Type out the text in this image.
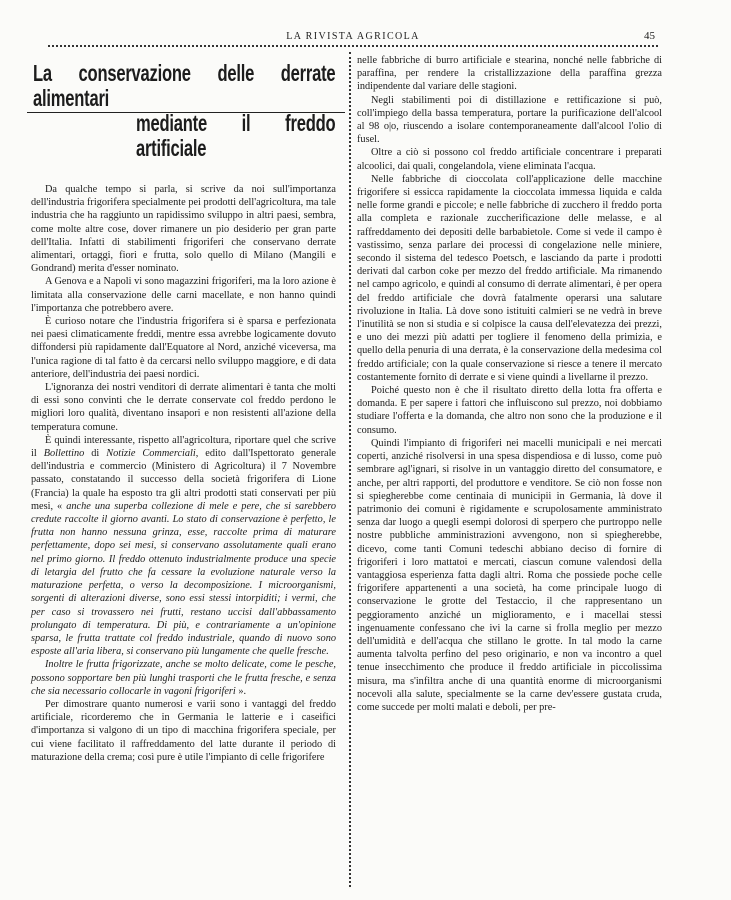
LA RIVISTA AGRICOLA	45
La conservazione delle derrate alimentari
mediante il freddo artificiale

Da qualche tempo si parla, si scrive da noi sull'importanza dell'industria frigorifera specialmente pei prodotti dell'agricoltura, ma tale industria che ha raggiunto un rapidissimo sviluppo in altri paesi, sembra, come molte altre cose, dover rimanere un pio desiderio per gran parte dell'Italia. Infatti di stabilimenti frigoriferi che conservano derrate alimentari, ortaggi, fiori e frutta, solo quello di Milano (Mangili e Gondrand) merita d'esser nominato.

A Genova e a Napoli vi sono magazzini frigoriferi, ma la loro azione è limitata alla conservazione delle carni macellate, e non hanno quindi l'importanza che potrebbero avere.

È curioso notare che l'industria frigorifera si è sparsa e perfezionata nei paesi climaticamente freddi, mentre essa avrebbe logicamente dovuto diffondersi più rapidamente dall'Equatore al Nord, anziché viceversa, ma l'unica ragione di tal fatto è da cercarsi nello sviluppo maggiore, e di data anteriore, dell'industria dei paesi nordici.

L'ignoranza dei nostri venditori di derrate alimentari è tanta che molti di essi sono convinti che le derrate conservate col freddo perdono le migliori loro qualità, diventano insapori e non resistenti all'azione della temperatura comune.

È quindi interessante, rispetto all'agricoltura, riportare quel che scrive il Bollettino di Notizie Commerciali, edito dall'Ispettorato generale dell'industria e commercio (Ministero di Agricoltura) il 7 Novembre passato, constatando il successo della società frigorifera di Lione (Francia) la quale ha esposto tra gli altri prodotti stati conservati per più mesi, « anche una superba collezione di mele e pere, che si sarebbero credute raccolte il giorno avanti. Lo stato di conservazione è perfetto, le frutta non hanno nessuna grinza, esse, raccolte prima di maturare perfettamente, dopo sei mesi, si conservano assolutamente quali erano nel primo giorno. Il freddo ottenuto industrialmente produce una specie di letargia del frutto che fa cessare la evoluzione naturale verso la maturazione perfetta, o verso la decomposizione. I microorganismi, sorgenti di alterazioni diverse, sono essi stessi intorpiditi; i vermi, che per caso si trovassero nei frutti, restano uccisi dall'abbassamento prolungato di temperatura. Di più, e contrariamente a un'opinione sparsa, le frutta trattate col freddo industriale, quando di nuovo sono esposte all'aria libera, si conservano più lungamente che quelle fresche.

Inoltre le frutta frigorizzate, anche se molto delicate, come le pesche, possono sopportare ben più lunghi trasporti che le frutta fresche, e senza che sia necessario collocarle in vagoni frigoriferi ».

Per dimostrare quanto numerosi e varii sono i vantaggi del freddo artificiale, ricorderemo che in Germania le latterie e i caseifici d'importanza si valgono di un tipo di macchina frigorifera speciale, per cui viene facilitato il raffreddamento del latte durante il periodo di maturazione della crema; così pure è utile l'impianto di celle frigorifere

nelle fabbriche di burro artificiale e stearina, nonché nelle fabbriche di paraffina, per rendere la cristallizzazione della paraffina grezza indipendente dal variare delle stagioni.

Negli stabilimenti poi di distillazione e rettificazione si può, coll'impiego della bassa temperatura, portare la purificazione dell'alcool al 98 o|o, riuscendo a isolare contemporaneamente dall'alcool l'olio di fusel.

Oltre a ciò si possono col freddo artificiale concentrare i preparati alcoolici, dai quali, congelandola, viene eliminata l'acqua.

Nelle fabbriche di cioccolata coll'applicazione delle macchine frigorifere si essicca rapidamente la cioccolata immessa liquida e calda nelle forme grandi e piccole; e nelle fabbriche di zucchero il freddo porta alla completa e razionale zuccherificazione delle melasse, e al raffreddamento dei depositi delle barbabietole. Come si vede il campo è vastissimo, senza parlare dei processi di congelazione nelle miniere, secondo il sistema del tedesco Poetsch, e lasciando da parte i prodotti derivati dal carbon coke per mezzo del freddo artificiale. Ma rimanendo nel campo agricolo, e quindi al consumo di derrate alimentari, è per opera del freddo artificiale che dovrà fatalmente operarsi una salutare rivoluzione in Italia. Là dove sono istituiti calmieri se ne vedrà in breve l'inutilità se non si studia e si colpisce la causa dell'elevatezza dei prezzi, e uno dei mezzi più adatti per togliere il fenomeno della primizia, e quello della penuria di una derrata, è la conservazione della medesima col freddo artificiale; con la quale conservazione si riesce a tenere il mercato costantemente fornito di derrate e si viene quindi a livellarne il prezzo.

Poiché questo non è che il risultato diretto della lotta fra offerta e domanda. E per sapere i fattori che influiscono sul prezzo, noi dobbiamo studiare l'offerta e la domanda, che altro non sono che la produzione e il consumo.

Quindi l'impianto di frigoriferi nei macelli municipali e nei mercati coperti, anziché risolversi in una spesa dispendiosa e di lusso, come può sembrare agl'ignari, si risolve in un vantaggio diretto del consumatore, e anche, per altri rapporti, del produttore e venditore. Se ciò non fosse non si spiegherebbe come centinaia di municipii in Germania, là dove il patrimonio dei comuni è rigidamente e scrupolosamente amministrato senza dar luogo a quegli esempi dolorosi di sperpero che purtroppo nelle nostre pubbliche amministrazioni avvengono, non si spiegherebbe, dicevo, come tanti Comuni tedeschi abbiano deciso di fornire di frigoriferi i loro mattatoi e mercati, ciascun comune valendosi della vantaggiosa esperienza fatta dagli altri. Roma che possiede poche celle frigorifere appartenenti a una società, ha come principale luogo di conservazione le grotte del Testaccio, il che rappresentano un peggioramento anziché un miglioramento, e i macellai stessi ingenuamente confessano che ivi la carne si frolla meglio per mezzo dell'umidità e dell'acqua che stillano le grotte. In tal modo la carne aumenta talvolta perfino del peso originario, e non va incontro a quel tenue insecchimento che produce il freddo artificiale in piccolissima misura, ma s'infiltra anche di una quantità enorme di microorganismi nocevoli alla salute, specialmente se la carne dev'essere gustata cruda, come succede per molti malati e deboli, per pre-
